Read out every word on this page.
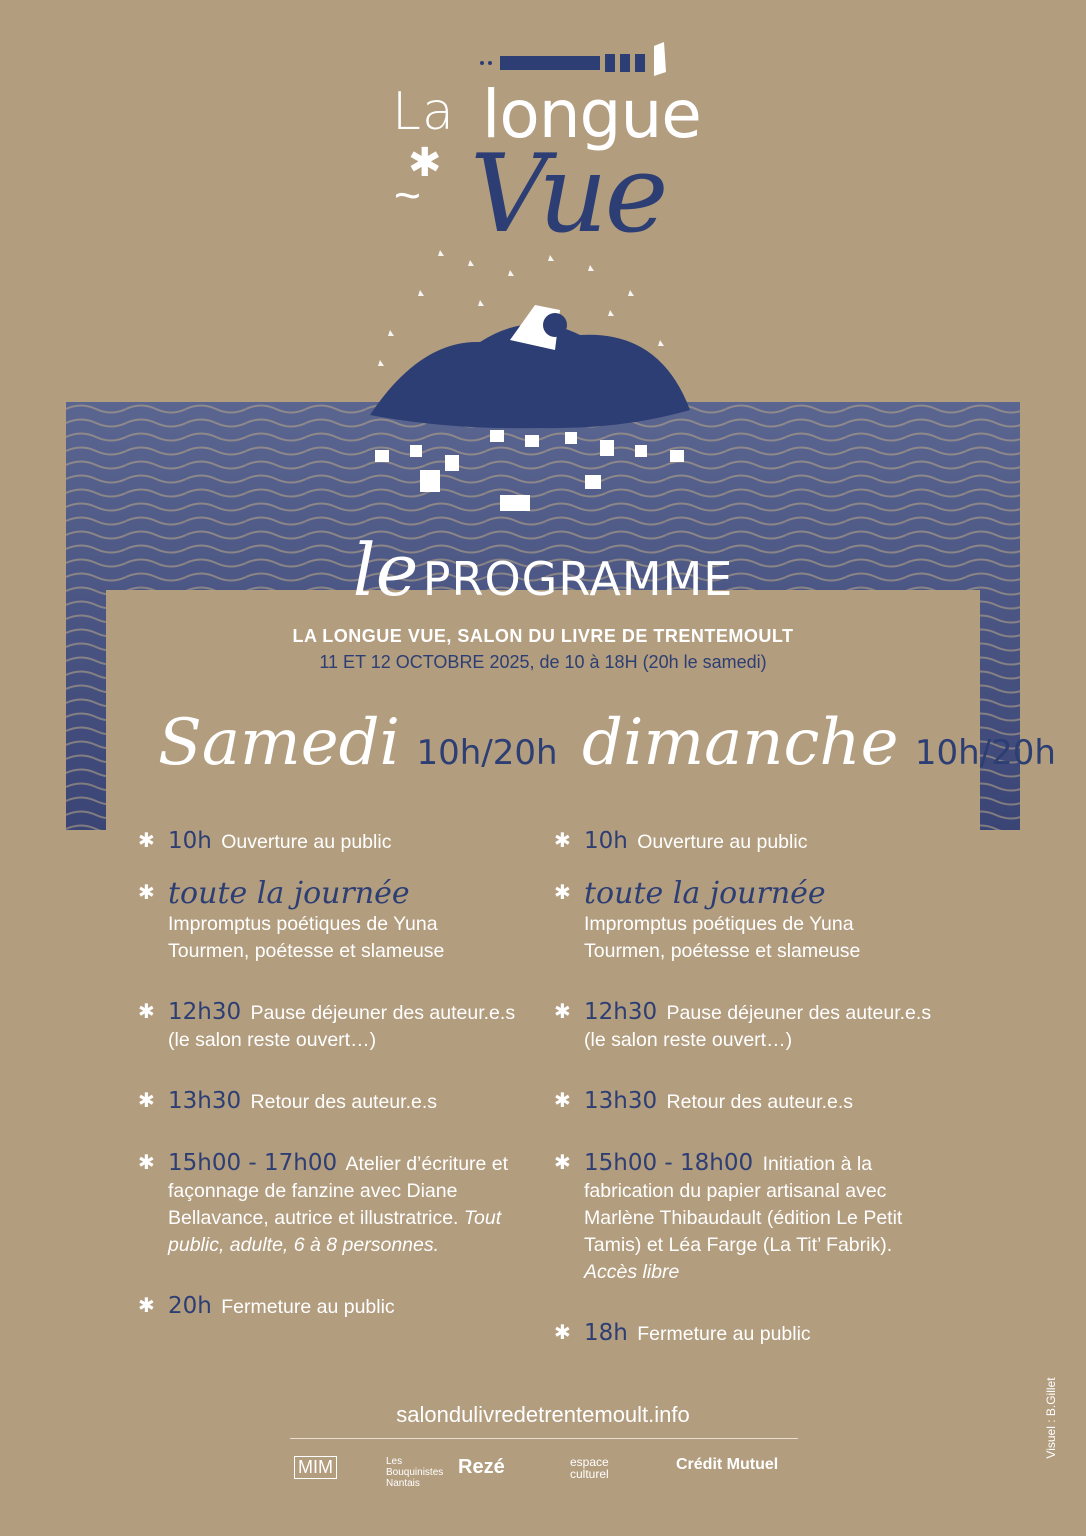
La longue
✱
~ Vue
le PROGRAMME
LA LONGUE VUE, SALON DU LIVRE DE TRENTEMOULT
11 ET 12 OCTOBRE 2025, de 10 à 18H (20h le samedi)
Samedi 10h/20h dimanche 10h/20h
✱ 10h Ouverture au public
✱ toute la journée Impromptus poétiques de Yuna Tourmen, poétesse et slameuse
✱ 12h30 Pause déjeuner des auteur.e.s (le salon reste ouvert…)
✱ 13h30 Retour des auteur.e.s
✱ 15h00 - 17h00 Atelier d’écriture et façonnage de fanzine avec Diane Bellavance, autrice et illustratrice. Tout public, adulte, 6 à 8 personnes.
✱ 20h Fermeture au public
✱ 10h Ouverture au public
✱ toute la journée Impromptus poétiques de Yuna Tourmen, poétesse et slameuse
✱ 12h30 Pause déjeuner des auteur.e.s (le salon reste ouvert…)
✱ 13h30 Retour des auteur.e.s
✱ 15h00 - 18h00 Initiation à la fabrication du papier artisanal avec Marlène Thibaudault (édition Le Petit Tamis) et Léa Farge (La Tit’ Fabrik). Accès libre
✱ 18h Fermeture au public
salondulivredetrentemoult.info
MIM	Les Bouquinistes Nantais
Rezé	espace culturel
Crédit Mutuel
Visuel : B.Gillet
